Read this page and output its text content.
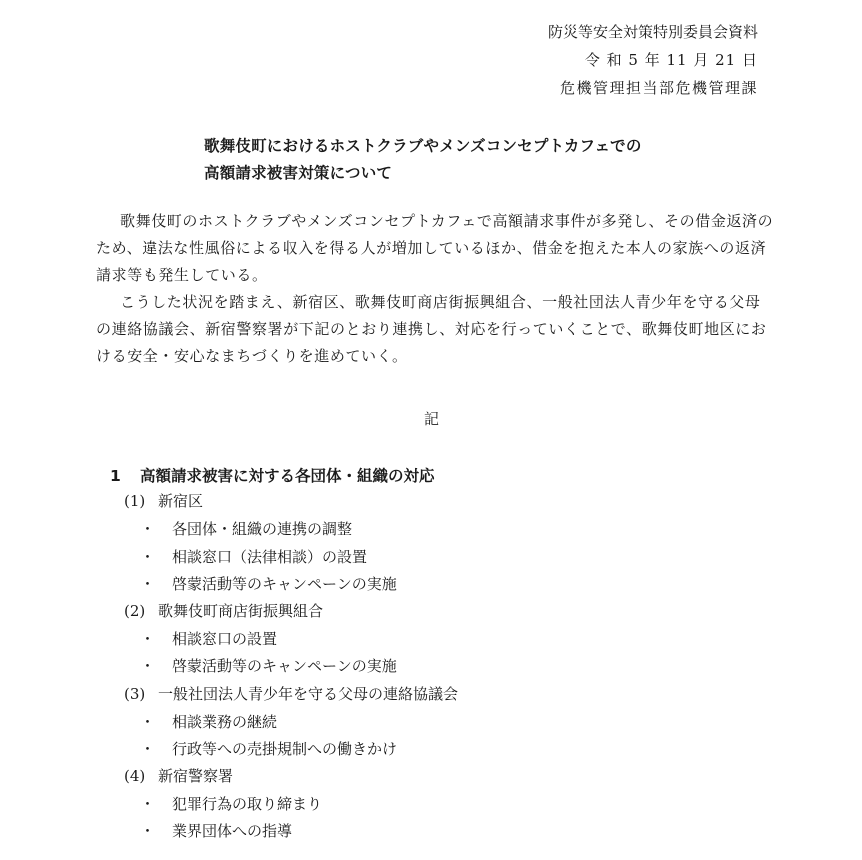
防災等安全対策特別委員会資料
令 和 5 年 11 月 21 日
危機管理担当部危機管理課
歌舞伎町におけるホストクラブやメンズコンセプトカフェでの
高額請求被害対策について
歌舞伎町のホストクラブやメンズコンセプトカフェで高額請求事件が多発し、その借金返済のため、違法な性風俗による収入を得る人が増加しているほか、借金を抱えた本人の家族への返済請求等も発生している。
こうした状況を踏まえ、新宿区、歌舞伎町商店街振興組合、一般社団法人青少年を守る父母の連絡協議会、新宿警察署が下記のとおり連携し、対応を行っていくことで、歌舞伎町地区における安全・安心なまちづくりを進めていく。
記
1 高額請求被害に対する各団体・組織の対応
(1) 新宿区
・ 各団体・組織の連携の調整
・ 相談窓口（法律相談）の設置
・ 啓蒙活動等のキャンペーンの実施
(2) 歌舞伎町商店街振興組合
・ 相談窓口の設置
・ 啓蒙活動等のキャンペーンの実施
(3) 一般社団法人青少年を守る父母の連絡協議会
・ 相談業務の継続
・ 行政等への売掛規制への働きかけ
(4) 新宿警察署
・ 犯罪行為の取り締まり
・ 業界団体への指導
